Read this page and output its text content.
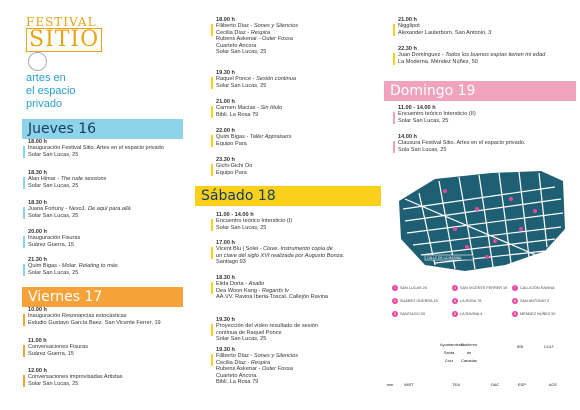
FESTIVAL
SITIO
artes en
el espacio
privado
Jueves 16
Viernes 17
Sábado 18
Domingo 19
18.00 h
Inauguración Festival Sitio. Artes en el espacio privado
Solar San Lucas, 25
18.30 h
Alan Himar - The rude sessions
Solar San Lucas, 25
18.30 h
Juana Fortuny - Nexo1. De aquí para allá
Solar San Lucas, 25
20.00 h
Inauguración Fisuras
Suárez Guerra, 15
21.30 h
Quim Bigas - Molar. Relating to más
Solar San Lucas, 25
10.00 h
Inauguración Resonancias estocásticas
Estudio Gustavo García Baez. San Vicente Ferrer, 19
11.00 h
Conversaciones Fisuras
Suárez Guerra, 15
12.00 h
Conversaciones improvisadas Artistas
Solar San Lucas, 25
18.00 h
Filiberto Díaz - Sones y Silencios
Cecilia Díaz - Respira
Rubens Askenar - Outer Fossa
Cuarteto Ancora
Solar San Lucas, 25
19.30 h
Raquel Ponce - Sesión continua
Solar San Lucas, 25
21.00 h
Carmen Macías - Sin título
Bibli. La Rosa 79
22.00 h
Quim Bigas - Taller Appraisers
Equipo Para
23.30 h
Gichi-Gichi Oo
Equipo Para
11.00 - 14.00 h
Encuentro teórico Intersticio (I)
Solar San Lucas, 25
17.00 h
Vicent Blu | Solei - Clave. Instrumento copia de
un clave del siglo XVI realizada por Augusto Bonza.
Santiago 93
18.30 h
Elida Dorta - Asalto
Dea Woon Kang - Regards tv
AA.VV. Ravina Iberia-Toscal. Callejón Ravina
19.30 h
Proyección del vídeo resultado de sesión
continua de Raquel Ponce
Solar San Lucas, 25
19.30 h
Filiberto Díaz - Sones y Silencios
Cecilia Díaz - Respira
Rubens Askenar - Outer Fossa
Cuarteto Ancora
Bibli. La Rosa 79
21.00 h
Nigglipot
Alexander Lauterborn. San Antonio, 3
22.30 h
Juan Domínguez - Todos los buenos espías tienen mi edad
La Moderna. Méndez Núñez, 50
11.00 - 14.00 h
Encuentro teórico Intersticio (II)
Solar San Lucas, 25
14.00 h
Clausura Festival Sitio. Artes en el espacio privado.
Sola San Lucas, 25
CALLE DE LA MARINA
1 SAN LUCAS 25
2 SUÁREZ GUERRA 15
3 SANTIAGO 93
4 SAN VICENTE FERRER 19
5 LA ROSA 79
6 LA RAVINA 4
7 CALLEJÓN RAVINA
8 SAN ANTONIO 3
9 MÉNDEZ NÚÑEZ 50
Ayuntamiento Santa Cruz
Gobierno de Canarias
IEB	CULT
rsm	MIST	TEA	OAC	ESP	ACE
